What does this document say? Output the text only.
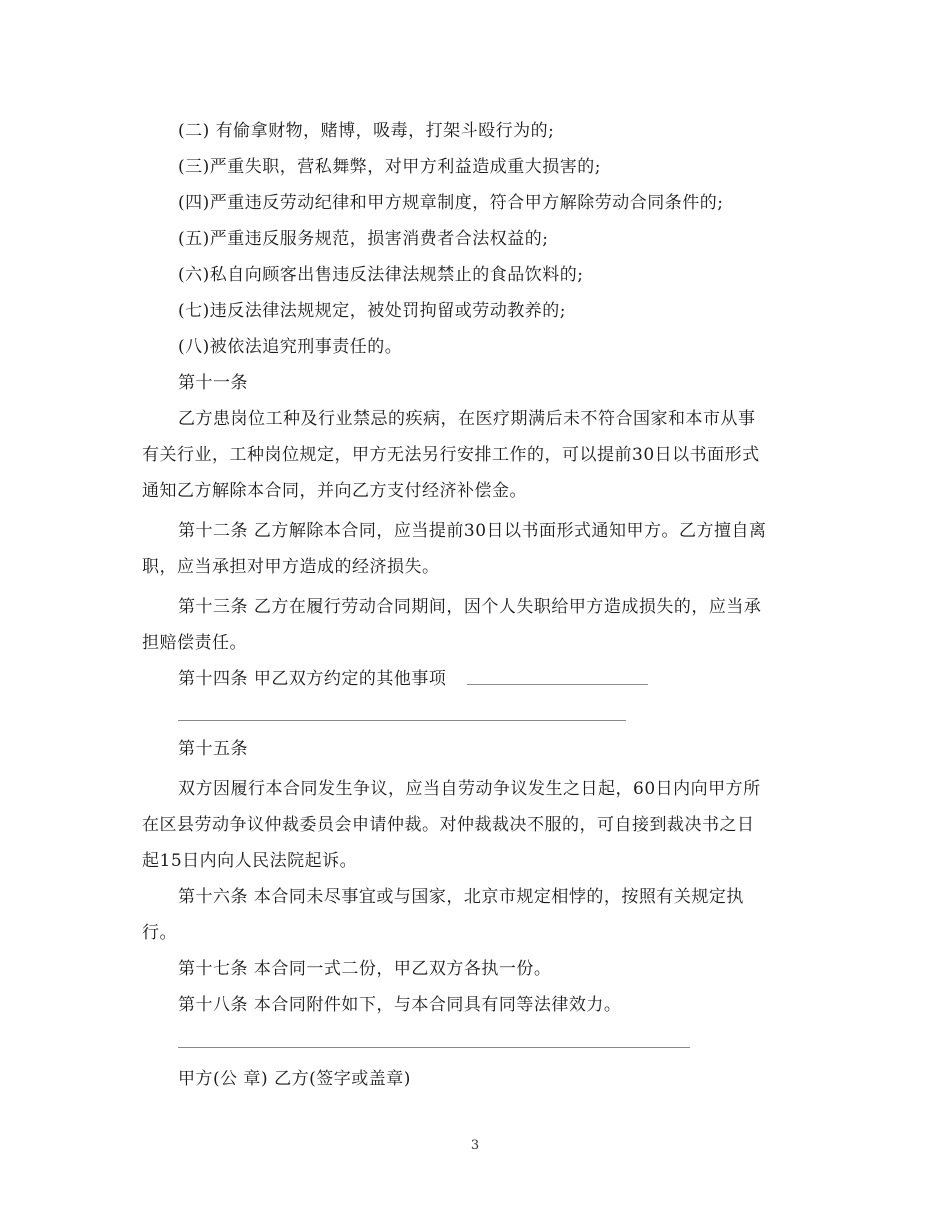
(二) 有偷拿财物，赌博，吸毒，打架斗殴行为的;
(三)严重失职，营私舞弊，对甲方利益造成重大损害的;
(四)严重违反劳动纪律和甲方规章制度，符合甲方解除劳动合同条件的;
(五)严重违反服务规范，损害消费者合法权益的;
(六)私自向顾客出售违反法律法规禁止的食品饮料的;
(七)违反法律法规规定，被处罚拘留或劳动教养的;
(八)被依法追究刑事责任的。
第十一条
乙方患岗位工种及行业禁忌的疾病，在医疗期满后未不符合国家和本市从事
有关行业，工种岗位规定，甲方无法另行安排工作的，可以提前30日以书面形式
通知乙方解除本合同，并向乙方支付经济补偿金。
第十二条 乙方解除本合同，应当提前30日以书面形式通知甲方。乙方擅自离
职，应当承担对甲方造成的经济损失。
第十三条 乙方在履行劳动合同期间，因个人失职给甲方造成损失的，应当承
担赔偿责任。
第十四条 甲乙双方约定的其他事项
第十五条
双方因履行本合同发生争议，应当自劳动争议发生之日起，60日内向甲方所
在区县劳动争议仲裁委员会申请仲裁。对仲裁裁决不服的，可自接到裁决书之日
起15日内向人民法院起诉。
第十六条 本合同未尽事宜或与国家，北京市规定相悖的，按照有关规定执
行。
第十七条 本合同一式二份，甲乙双方各执一份。
第十八条 本合同附件如下，与本合同具有同等法律效力。
甲方(公 章) 乙方(签字或盖章)
3
